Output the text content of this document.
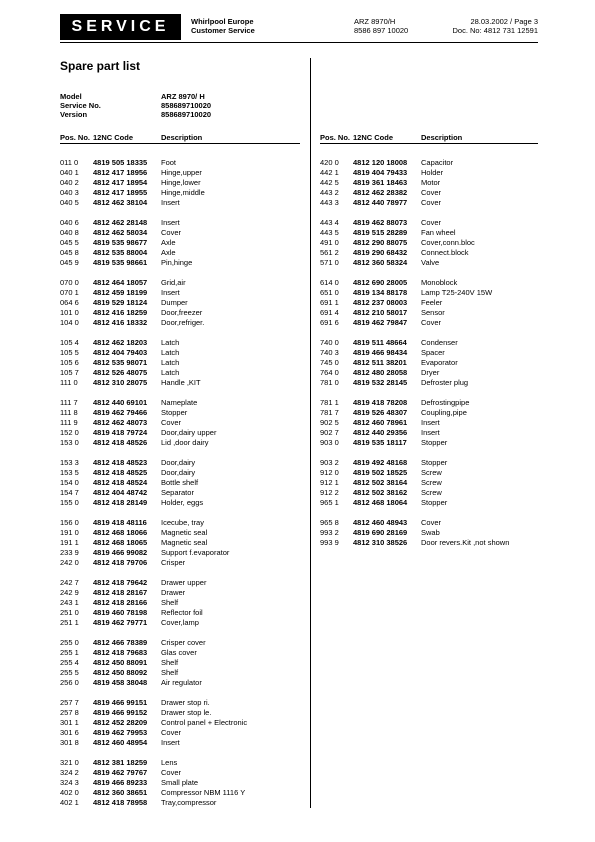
SERVICE	Whirlpool Europe
Customer Service
ARZ 8970/H
8586 897 10020
28.03.2002 / Page 3
Doc. No: 4812 731 12591
Spare part list
Model	ARZ 8970/ H
Service No.	858689710020
Version	858689710020
Pos. No. 12NC Code	Description
011 0 4819 505 18335 Foot
040 1 4812 417 18956 Hinge,upper
040 2 4812 417 18954 Hinge,lower
040 3 4812 417 18955 Hinge,middle
040 5 4812 462 38104 Insert
040 6 4812 462 28148 Insert
040 8 4812 462 58034 Cover
045 5 4819 535 98677 Axle
045 8 4812 535 88004 Axle
045 9 4819 535 98661 Pin,hinge
070 0 4812 464 18057 Grid,air
070 1 4812 459 18199 Insert
064 6 4819 529 18124 Dumper
101 0 4812 416 18259 Door,freezer
104 0 4812 416 18332 Door,refriger.
105 4 4812 462 18203 Latch
105 5 4812 404 79403 Latch
105 6 4812 535 98071 Latch
105 7 4812 526 48075 Latch
111 0 4812 310 28075 Handle ,KIT
111 7 4812 440 69101 Nameplate
111 8 4819 462 79466 Stopper
111 9 4812 462 48073 Cover
152 0 4819 418 79724 Door,dairy upper
153 0 4812 418 48526 Lid ,door dairy
153 3 4812 418 48523 Door,dairy
153 5 4812 418 48525 Door,dairy
154 0 4812 418 48524 Bottle shelf
154 7 4812 404 48742 Separator
155 0 4812 418 28149 Holder, eggs
156 0 4819 418 48116 Icecube, tray
191 0 4812 468 18066 Magnetic seal
191 1 4812 468 18065 Magnetic seal
233 9 4819 466 99082 Support f.evaporator
242 0 4812 418 79706 Crisper
242 7 4812 418 79642 Drawer upper
242 9 4812 418 28167 Drawer
243 1 4812 418 28166 Shelf
251 0 4819 460 78198 Reflector foil
251 1 4819 462 79771 Cover,lamp
255 0 4812 466 78389 Crisper cover
255 1 4812 418 79683 Glas cover
255 4 4812 450 88091 Shelf
255 5 4812 450 88092 Shelf
256 0 4819 458 38048 Air regulator
257 7 4819 466 99151 Drawer stop ri.
257 8 4819 466 99152 Drawer stop le.
301 1 4812 452 28209 Control panel + Electronic
301 6 4819 462 79953 Cover
301 8 4812 460 48954 Insert
321 0 4812 381 18259 Lens
324 2 4819 462 79767 Cover
324 3 4819 466 89233 Small plate
402 0 4812 360 38651 Compressor NBM 1116 Y
402 1 4812 418 78958 Tray,compressor
Pos. No. 12NC Code	Description
420 0 4812 120 18008 Capacitor
442 1 4819 404 79433 Holder
442 5 4819 361 18463 Motor
443 2 4812 462 28382 Cover
443 3 4812 440 78977 Cover
443 4 4819 462 88073 Cover
443 5 4819 515 28289 Fan wheel
491 0 4812 290 88075 Cover,conn.bloc
561 2 4819 290 68432 Connect.block
571 0 4812 360 58324 Valve
614 0 4812 690 28005 Monoblock
651 0 4819 134 88178 Lamp T25-240V 15W
691 1 4812 237 08003 Feeler
691 4 4812 210 58017 Sensor
691 6 4819 462 79847 Cover
740 0 4819 511 48664 Condenser
740 3 4819 466 98434 Spacer
745 0 4812 511 38201 Evaporator
764 0 4812 480 28058 Dryer
781 0 4819 532 28145 Defroster plug
781 1 4819 418 78208 Defrostingpipe
781 7 4819 526 48307 Coupling,pipe
902 5 4812 460 78961 Insert
902 7 4812 440 29356 Insert
903 0 4819 535 18117 Stopper
903 2 4819 492 48168 Stopper
912 0 4819 502 18525 Screw
912 1 4812 502 38164 Screw
912 2 4812 502 38162 Screw
965 1 4812 468 18064 Stopper
965 8 4812 460 48943 Cover
993 2 4819 690 28169 Swab
993 9 4812 310 38526 Door revers.Kit ,not shown
